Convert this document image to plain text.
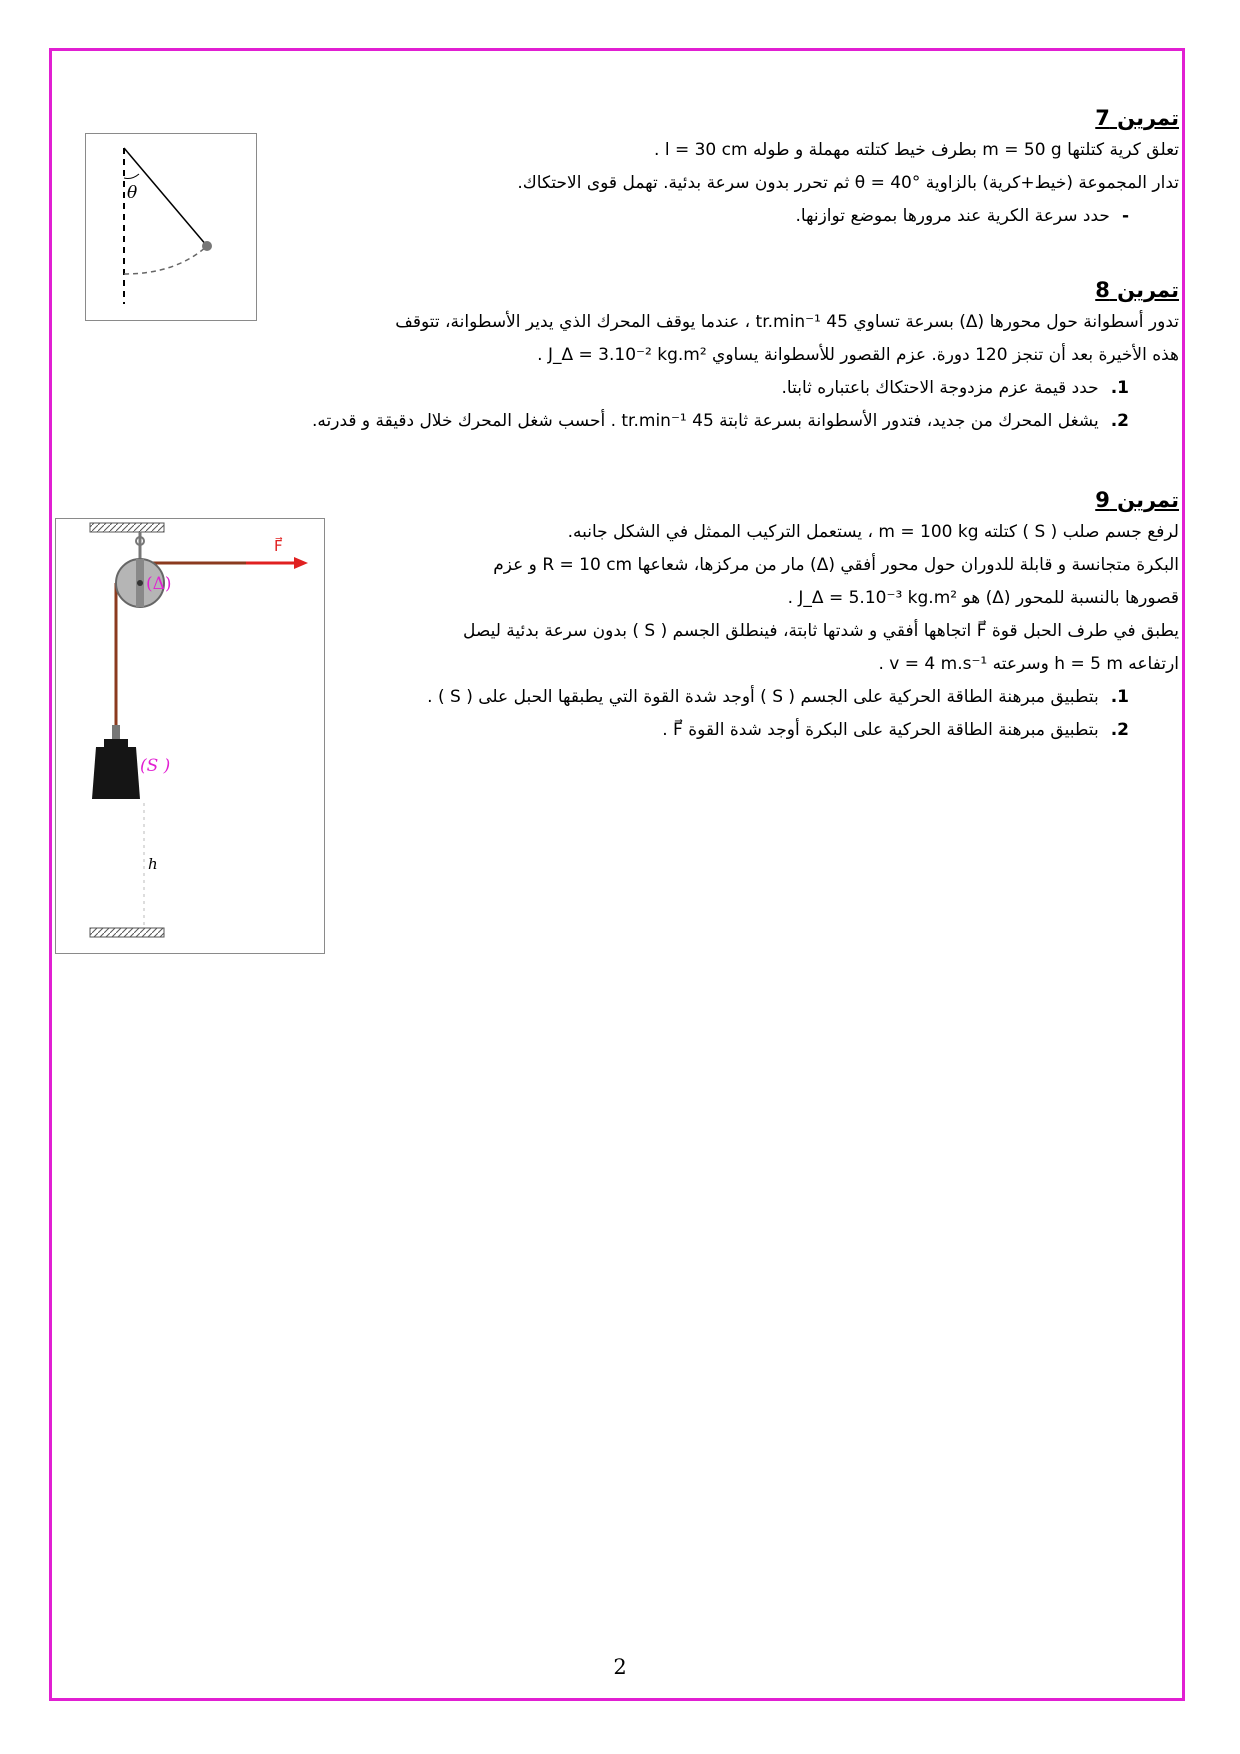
تمرين 7
تعلق كرية كتلتها m = 50 g بطرف خيط كتلته مهملة و طوله l = 30 cm .
تدار المجموعة (خيط+كرية) بالزاوية θ = 40° ثم تحرر بدون سرعة بدئية. تهمل قوى الاحتكاك.
-حدد سرعة الكرية عند مرورها بموضع توازنها.
θ
تمرين 8
تدور أسطوانة حول محورها (Δ) بسرعة تساوي 45 tr.min⁻¹ ، عندما يوقف المحرك الذي يدير الأسطوانة، تتوقف
هذه الأخيرة بعد أن تنجز 120 دورة. عزم القصور للأسطوانة يساوي J_Δ = 3.10⁻² kg.m² .
1.حدد قيمة عزم مزدوجة الاحتكاك باعتباره ثابتا.
2.يشغل المحرك من جديد، فتدور الأسطوانة بسرعة ثابتة 45 tr.min⁻¹ . أحسب شغل المحرك خلال دقيقة و قدرته.
تمرين 9
لرفع جسم صلب ( S ) كتلته m = 100 kg ، يستعمل التركيب الممثل في الشكل جانبه.
البكرة متجانسة و قابلة للدوران حول محور أفقي (Δ) مار من مركزها، شعاعها R = 10 cm و عزم
قصورها بالنسبة للمحور (Δ) هو J_Δ = 5.10⁻³ kg.m² .
يطبق في طرف الحبل قوة F⃗ اتجاهها أفقي و شدتها ثابتة، فينطلق الجسم ( S ) بدون سرعة بدئية ليصل
ارتفاعه h = 5 m وسرعته v = 4 m.s⁻¹ .
1.بتطبيق مبرهنة الطاقة الحركية على الجسم ( S ) أوجد شدة القوة التي يطبقها الحبل على ( S ) .
2.بتطبيق مبرهنة الطاقة الحركية على البكرة أوجد شدة القوة F⃗ .
F⃗
(Δ)
(S )
h
2
